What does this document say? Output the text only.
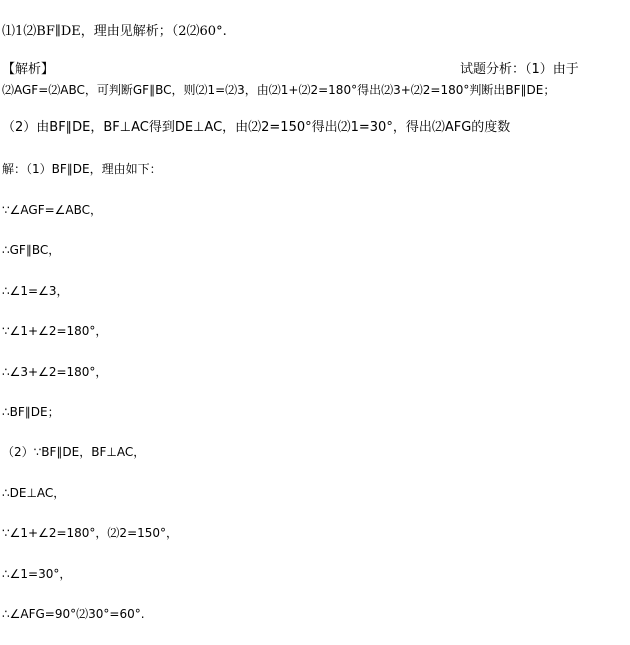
⑴1⑵BF∥DE，理由见解析；（2⑵60°.
【解析】	试题分析：（1）由于
⑵AGF=⑵ABC，可判断GF∥BC，则⑵1=⑵3，由⑵1+⑵2=180°得出⑵3+⑵2=180°判断出BF∥DE；
（2）由BF∥DE，BF⊥AC得到DE⊥AC，由⑵2=150°得出⑵1=30°，得出⑵AFG的度数
解：（1）BF∥DE，理由如下：
∵∠AGF=∠ABC，
∴GF∥BC，
∴∠1=∠3，
∵∠1+∠2=180°，
∴∠3+∠2=180°，
∴BF∥DE；
（2）∵BF∥DE，BF⊥AC，
∴DE⊥AC，
∵∠1+∠2=180°，⑵2=150°，
∴∠1=30°，
∴∠AFG=90°⑵30°=60°.
